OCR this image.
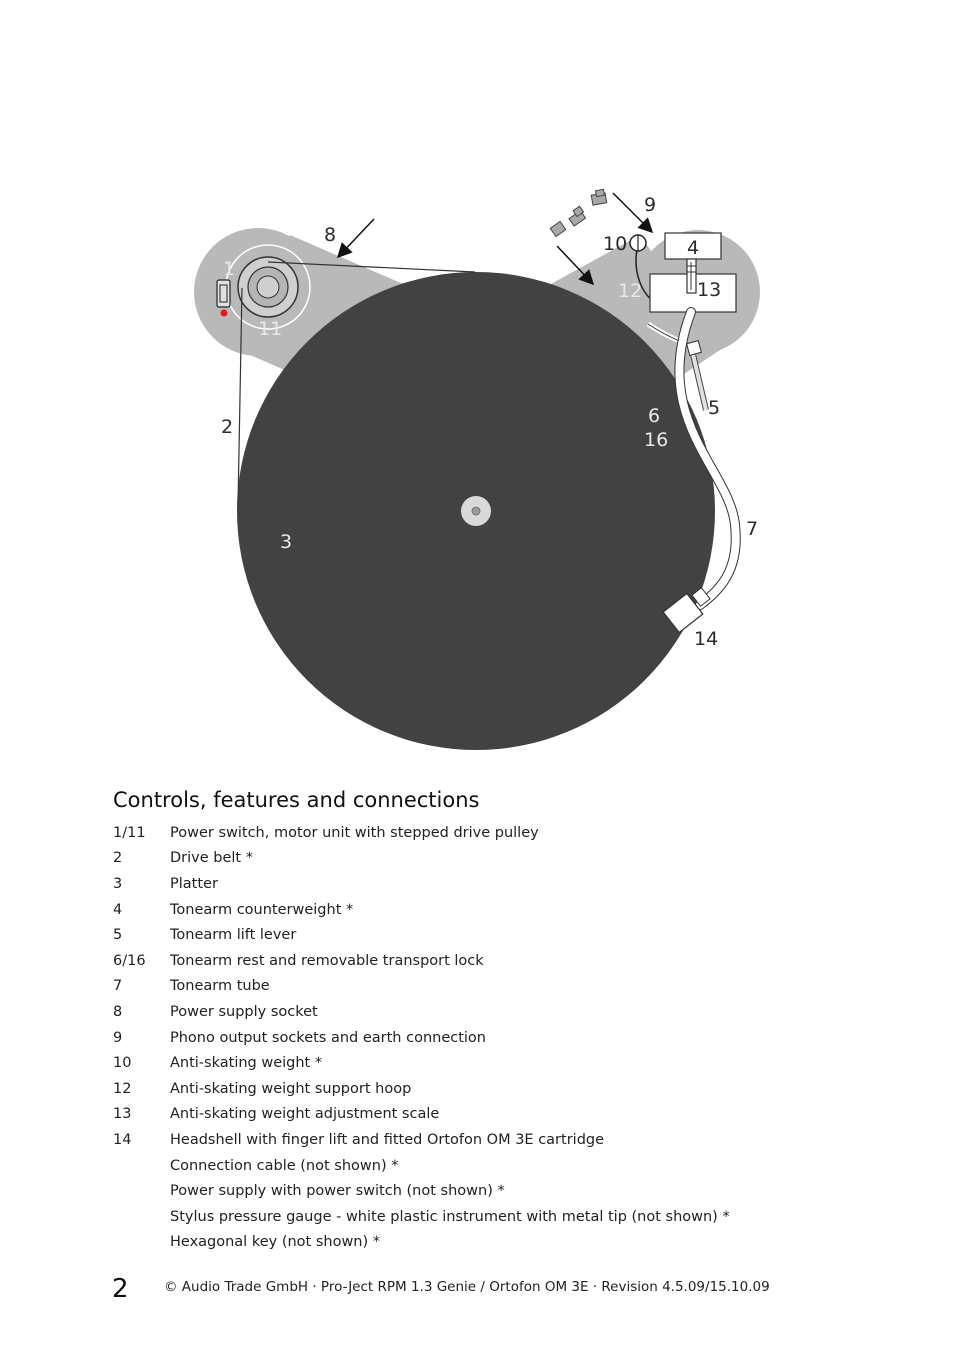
1
2
3
4
5
6
7
8
9
10
11
12	13
14
16
Controls, features and connections
1/11	Power switch, motor unit with stepped drive pulley
2	Drive belt *
3	Platter
4	Tonearm counterweight *
5	Tonearm lift lever
6/16	Tonearm rest and removable transport lock
7	Tonearm tube
8	Power supply socket
9	Phono output sockets and earth connection
10	Anti-skating weight *
12	Anti-skating weight support hoop
13	Anti-skating weight adjustment scale
14	Headshell with finger lift and fitted Ortofon OM 3E cartridge
Connection cable (not shown) *
Power supply with power switch (not shown) *
Stylus pressure gauge - white plastic instrument with metal tip (not shown) *
Hexagonal key (not shown) *
2	© Audio Trade GmbH · Pro-Ject RPM 1.3 Genie / Ortofon OM 3E · Revision 4.5.09/15.10.09
